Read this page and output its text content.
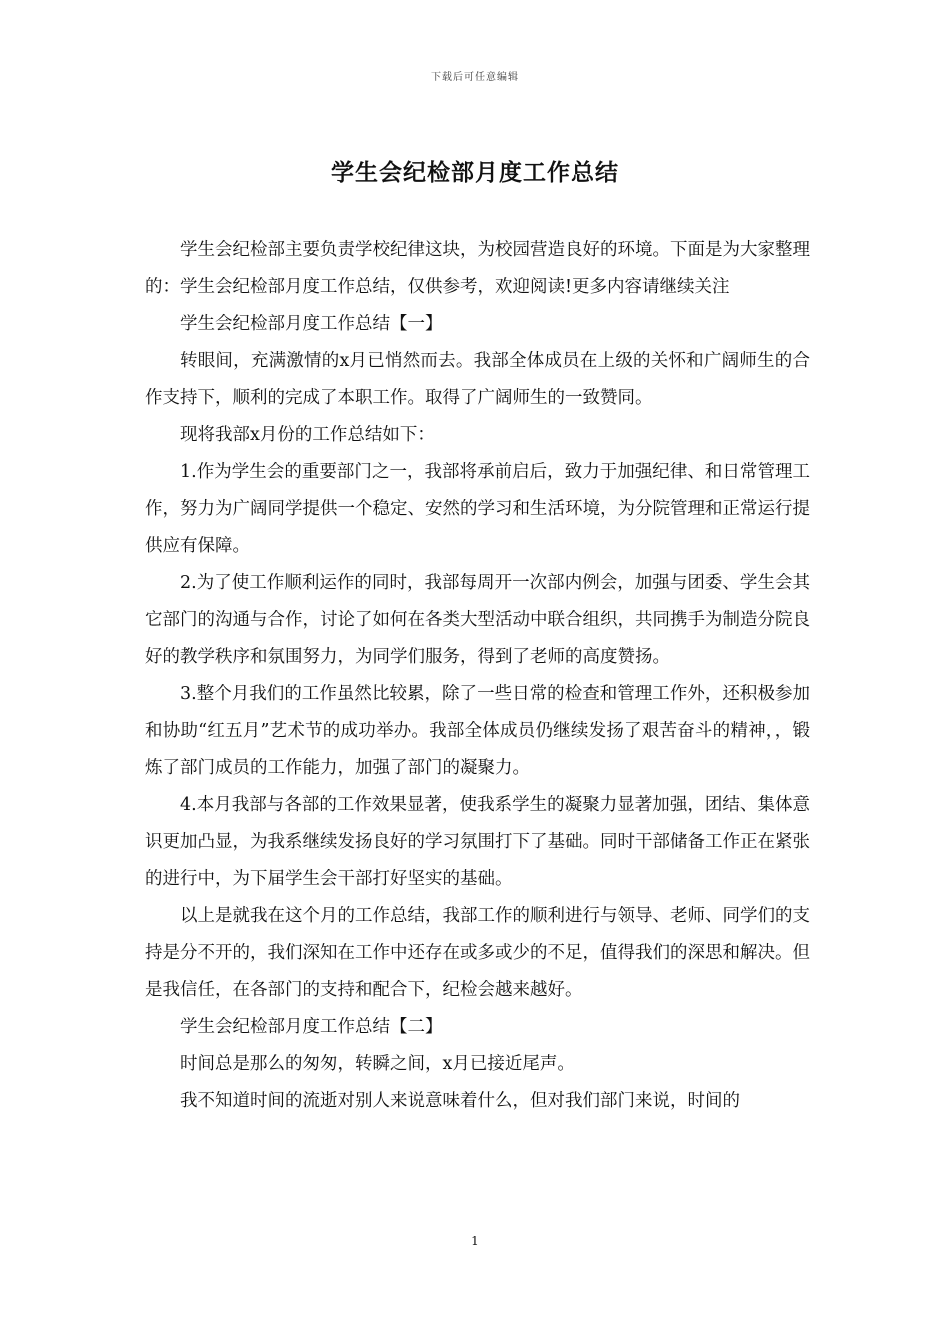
下载后可任意编辑
学生会纪检部月度工作总结

学生会纪检部主要负责学校纪律这块，为校园营造良好的环境。下面是为大家整理的：学生会纪检部月度工作总结，仅供参考，欢迎阅读!更多内容请继续关注

学生会纪检部月度工作总结【一】

转眼间，充满激情的x月已悄然而去。我部全体成员在上级的关怀和广阔师生的合作支持下，顺利的完成了本职工作。取得了广阔师生的一致赞同。

现将我部x月份的工作总结如下：

1.作为学生会的重要部门之一，我部将承前启后，致力于加强纪律、和日常管理工作，努力为广阔同学提供一个稳定、安然的学习和生活环境，为分院管理和正常运行提供应有保障。

2.为了使工作顺利运作的同时，我部每周开一次部内例会，加强与团委、学生会其它部门的沟通与合作，讨论了如何在各类大型活动中联合组织，共同携手为制造分院良好的教学秩序和氛围努力，为同学们服务，得到了老师的高度赞扬。

3.整个月我们的工作虽然比较累，除了一些日常的检查和管理工作外，还积极参加和协助“红五月”艺术节的成功举办。我部全体成员仍继续发扬了艰苦奋斗的精神，，锻炼了部门成员的工作能力，加强了部门的凝聚力。

4.本月我部与各部的工作效果显著，使我系学生的凝聚力显著加强，团结、集体意识更加凸显，为我系继续发扬良好的学习氛围打下了基础。同时干部储备工作正在紧张的进行中，为下届学生会干部打好坚实的基础。

以上是就我在这个月的工作总结，我部工作的顺利进行与领导、老师、同学们的支持是分不开的，我们深知在工作中还存在或多或少的不足，值得我们的深思和解决。但是我信任，在各部门的支持和配合下，纪检会越来越好。

学生会纪检部月度工作总结【二】

时间总是那么的匆匆，转瞬之间，x月已接近尾声。

我不知道时间的流逝对别人来说意味着什么，但对我们部门来说，时间的

1
